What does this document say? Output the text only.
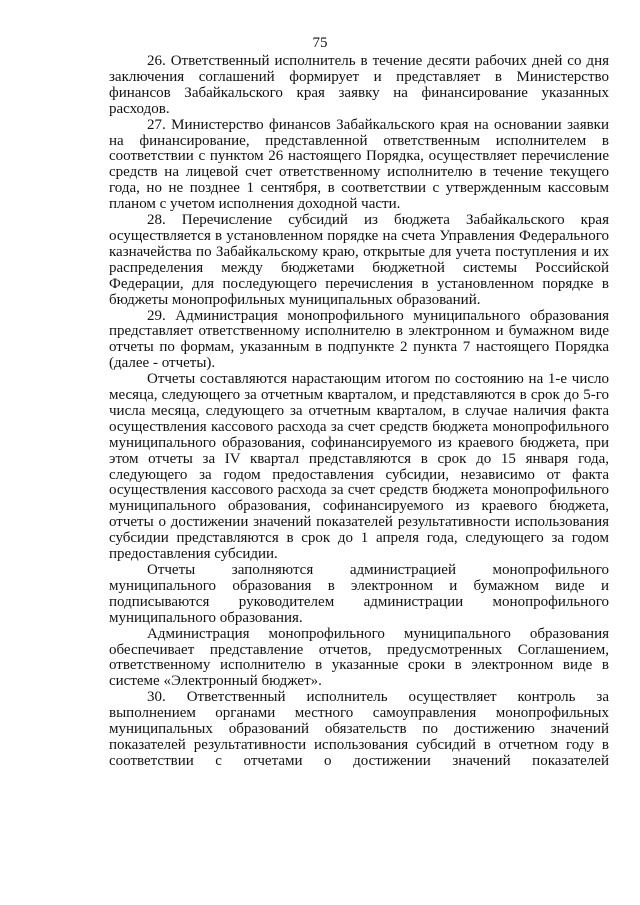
75

26. Ответственный исполнитель в течение десяти рабочих дней со дня заключения соглашений формирует и представляет в Министерство финансов Забайкальского края заявку на финансирование указанных расходов.

27. Министерство финансов Забайкальского края на основании заявки на финансирование, представленной ответственным исполнителем в соответствии с пунктом 26 настоящего Порядка, осуществляет перечисление средств на лицевой счет ответственному исполнителю в течение текущего года, но не позднее 1 сентября, в соответствии с утвержденным кассовым планом с учетом исполнения доходной части.

28. Перечисление субсидий из бюджета Забайкальского края осуществляется в установленном порядке на счета Управления Федерального казначейства по Забайкальскому краю, открытые для учета поступления и их распределения между бюджетами бюджетной системы Российской Федерации, для последующего перечисления в установленном порядке в бюджеты монопрофильных муниципальных образований.

29. Администрация монопрофильного муниципального образования представляет ответственному исполнителю в электронном и бумажном виде отчеты по формам, указанным в подпункте 2 пункта 7 настоящего Порядка (далее - отчеты).

Отчеты составляются нарастающим итогом по состоянию на 1-е число месяца, следующего за отчетным кварталом, и представляются в срок до 5-го числа месяца, следующего за отчетным кварталом, в случае наличия факта осуществления кассового расхода за счет средств бюджета монопрофильного муниципального образования, софинансируемого из краевого бюджета, при этом отчеты за IV квартал представляются в срок до 15 января года, следующего за годом предоставления субсидии, независимо от факта осуществления кассового расхода за счет средств бюджета монопрофильного муниципального образования, софинансируемого из краевого бюджета, отчеты о достижении значений показателей результативности использования субсидии представляются в срок до 1 апреля года, следующего за годом предоставления субсидии.

Отчеты заполняются администрацией монопрофильного муниципального образования в электронном и бумажном виде и подписываются руководителем администрации монопрофильного муниципального образования.

Администрация монопрофильного муниципального образования обеспечивает представление отчетов, предусмотренных Соглашением, ответственному исполнителю в указанные сроки в электронном виде в системе «Электронный бюджет».

30. Ответственный исполнитель осуществляет контроль за выполнением органами местного самоуправления монопрофильных муниципальных образований обязательств по достижению значений показателей результативности использования субсидий в отчетном году в соответствии с отчетами о достижении значений показателей
